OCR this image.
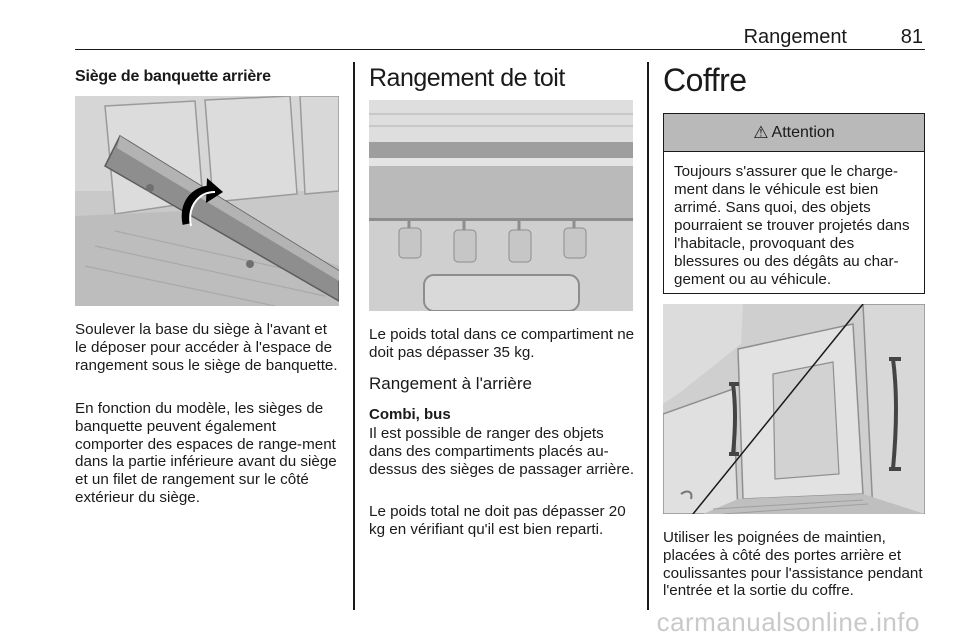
Rangement	81
Siège de banquette arrière

Soulever la base du siège à l'avant et le déposer pour accéder à l'espace de rangement sous le siège de banquette.

En fonction du modèle, les sièges de banquette peuvent également comporter des espaces de range-ment dans la partie inférieure avant du siège et un filet de rangement sur le côté extérieur du siège.

Rangement de toit

Le poids total dans ce compartiment ne doit pas dépasser 35 kg.

Rangement à l'arrière
Combi, bus

Il est possible de ranger des objets dans des compartiments placés au-dessus des sièges de passager arrière.

Le poids total ne doit pas dépasser 20 kg en vérifiant qu'il est bien reparti.

Coffre
⚠ Attention

Toujours s'assurer que le charge-ment dans le véhicule est bien arrimé. Sans quoi, des objets pourraient se trouver projetés dans l'habitacle, provoquant des blessures ou des dégâts au char-gement ou au véhicule.

Utiliser les poignées de maintien, placées à côté des portes arrière et coulissantes pour l'assistance pendant l'entrée et la sortie du coffre.

carmanualsonline.info
